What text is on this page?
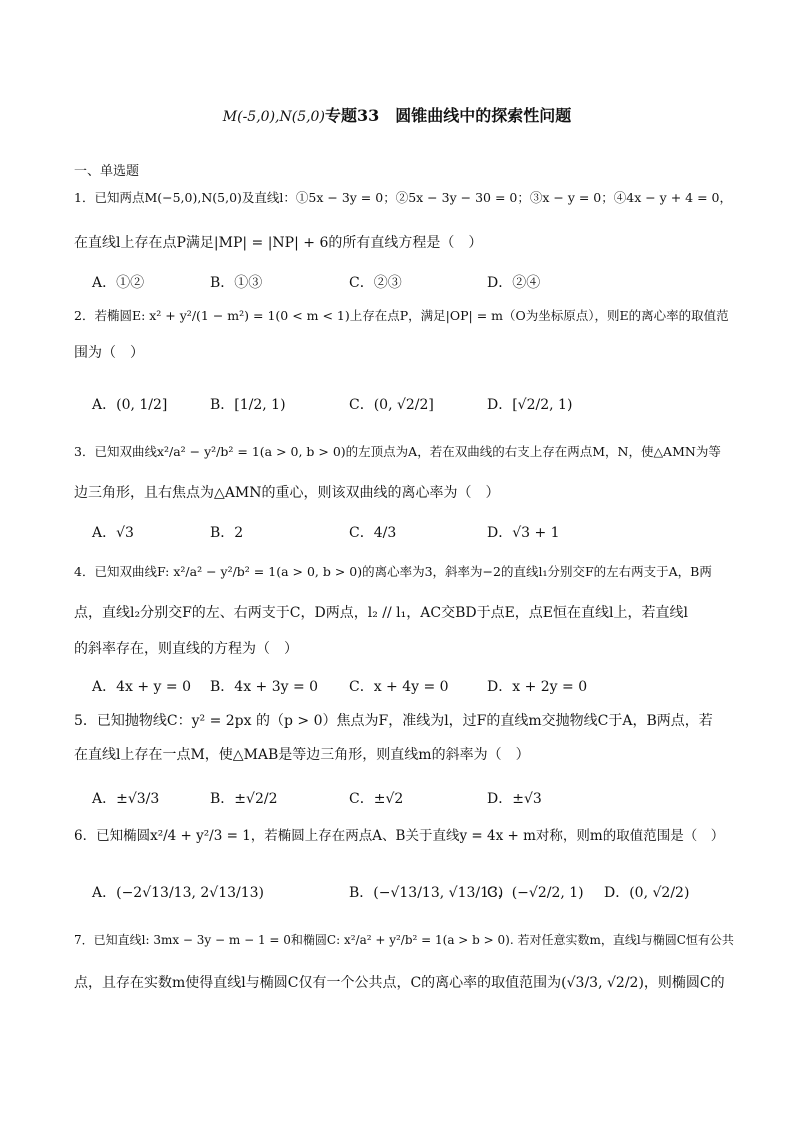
M(-5,0),N(5,0)专题33　圆锥曲线中的探索性问题
一、单选题
1．已知两点M(−5,0),N(5,0)及直线l：①5x − 3y = 0；②5x − 3y − 30 = 0；③x − y = 0；④4x − y + 4 = 0，
在直线l上存在点P满足|MP| = |NP| + 6的所有直线方程是（　）
A．①②	B．①③	C．②③	D．②④
2．若椭圆E: x² + y²/(1 − m²) = 1(0 < m < 1)上存在点P，满足|OP| = m（O为坐标原点），则E的离心率的取值范
围为（　）
A．(0, 1/2]	B．[1/2, 1)	C．(0, √2/2]	D．[√2/2, 1)
3．已知双曲线x²/a² − y²/b² = 1(a > 0, b > 0)的左顶点为A，若在双曲线的右支上存在两点M，N，使△AMN为等
边三角形，且右焦点为△AMN的重心，则该双曲线的离心率为（　）
A．√3	B．2	C．4/3	D．√3 + 1
4．已知双曲线F: x²/a² − y²/b² = 1(a > 0, b > 0)的离心率为3，斜率为−2的直线l₁分别交F的左右两支于A，B两
点，直线l₂分别交F的左、右两支于C，D两点，l₂ // l₁，AC交BD于点E，点E恒在直线l上，若直线l
的斜率存在，则直线的方程为（　）
A．4x + y = 0 B．4x + 3y = 0 C．x + 4y = 0	D．x + 2y = 0
5．已知抛物线C：y² = 2px 的（p > 0）焦点为F，准线为l，过F的直线m交抛物线C于A，B两点，若
在直线l上存在一点M，使△MAB是等边三角形，则直线m的斜率为（　）
A．±√3/3	B．±√2/2	C．±√2	D．±√3
6．已知椭圆x²/4 + y²/3 = 1，若椭圆上存在两点A、B关于直线y = 4x + m对称，则m的取值范围是（　）
A．(−2√13/13, 2√13/13)	B．(−√13/13, √13/13)
C．(−√2/2, 1) D．(0, √2/2)
7．已知直线l: 3mx − 3y − m − 1 = 0和椭圆C: x²/a² + y²/b² = 1(a > b > 0). 若对任意实数m，直线l与椭圆C恒有公共
点，且存在实数m使得直线l与椭圆C仅有一个公共点，C的离心率的取值范围为(√3/3, √2/2)，则椭圆C的
